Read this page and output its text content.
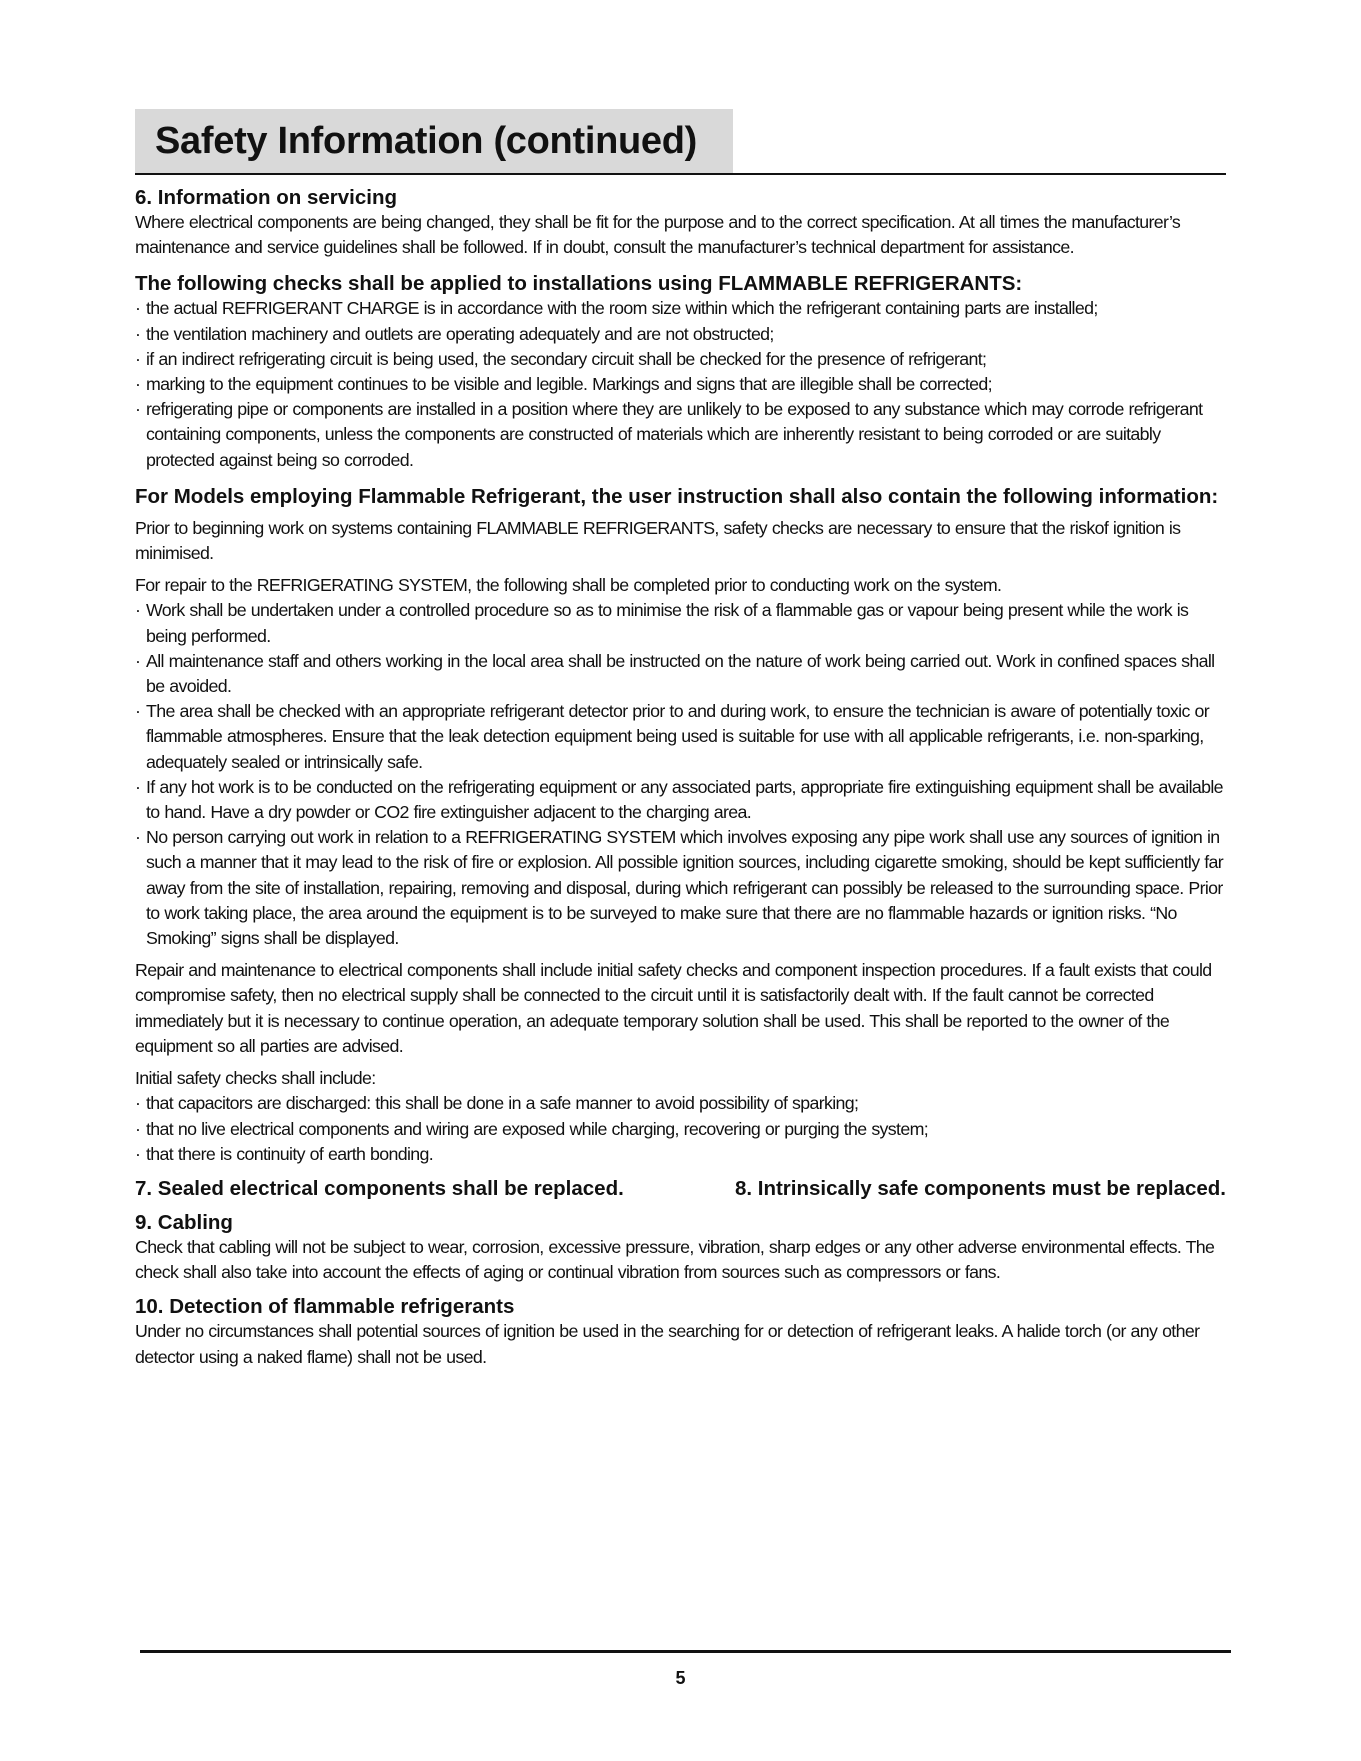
Safety Information (continued)

6. Information on servicing

Where electrical components are being changed, they shall be fit for the purpose and to the correct specification. At all times the manufacturer’s maintenance and service guidelines shall be followed. If in doubt, consult the manufacturer’s technical department for assistance.

The following checks shall be applied to installations using FLAMMABLE REFRIGERANTS:

· the actual REFRIGERANT CHARGE is in accordance with the room size within which the refrigerant containing parts are installed;
· the ventilation machinery and outlets are operating adequately and are not obstructed;
· if an indirect refrigerating circuit is being used, the secondary circuit shall be checked for the presence of refrigerant;
· marking to the equipment continues to be visible and legible. Markings and signs that are illegible shall be corrected;
· refrigerating pipe or components are installed in a position where they are unlikely to be exposed to any substance which may corrode refrigerant containing components, unless the components are constructed of materials which are inherently resistant to being corroded or are suitably protected against being so corroded.

For Models employing Flammable Refrigerant, the user instruction shall also contain the following information:

Prior to beginning work on systems containing FLAMMABLE REFRIGERANTS, safety checks are necessary to ensure that the riskof ignition is minimised.

For repair to the REFRIGERATING SYSTEM, the following shall be completed prior to conducting work on the system.

· Work shall be undertaken under a controlled procedure so as to minimise the risk of a flammable gas or vapour being present while the work is being performed.
· All maintenance staff and others working in the local area shall be instructed on the nature of work being carried out. Work in confined spaces shall be avoided.
· The area shall be checked with an appropriate refrigerant detector prior to and during work, to ensure the technician is aware of potentially toxic or flammable atmospheres. Ensure that the leak detection equipment being used is suitable for use with all applicable refrigerants, i.e. non-sparking, adequately sealed or intrinsically safe.
· If any hot work is to be conducted on the refrigerating equipment or any associated parts, appropriate fire extinguishing equipment shall be available to hand. Have a dry powder or CO2 fire extinguisher adjacent to the charging area.
· No person carrying out work in relation to a REFRIGERATING SYSTEM which involves exposing any pipe work shall use any sources of ignition in such a manner that it may lead to the risk of fire or explosion. All possible ignition sources, including cigarette smoking, should be kept sufficiently far away from the site of installation, repairing, removing and disposal, during which refrigerant can possibly be released to the surrounding space. Prior to work taking place, the area around the equipment is to be surveyed to make sure that there are no flammable hazards or ignition risks. “No Smoking” signs shall be displayed.

Repair and maintenance to electrical components shall include initial safety checks and component inspection procedures. If a fault exists that could compromise safety, then no electrical supply shall be connected to the circuit until it is satisfactorily dealt with. If the fault cannot be corrected immediately but it is necessary to continue operation, an adequate temporary solution shall be used. This shall be reported to the owner of the equipment so all parties are advised.

Initial safety checks shall include:

· that capacitors are discharged: this shall be done in a safe manner to avoid possibility of sparking;
· that no live electrical components and wiring are exposed while charging, recovering or purging the system;
· that there is continuity of earth bonding.

7. Sealed electrical components shall be replaced.	8. Intrinsically safe components must be replaced.

9. Cabling

Check that cabling will not be subject to wear, corrosion, excessive pressure, vibration, sharp edges or any other adverse environmental effects. The check shall also take into account the effects of aging or continual vibration from sources such as compressors or fans.

10. Detection of flammable refrigerants

Under no circumstances shall potential sources of ignition be used in the searching for or detection of refrigerant leaks. A halide torch (or any other detector using a naked flame) shall not be used.

5
